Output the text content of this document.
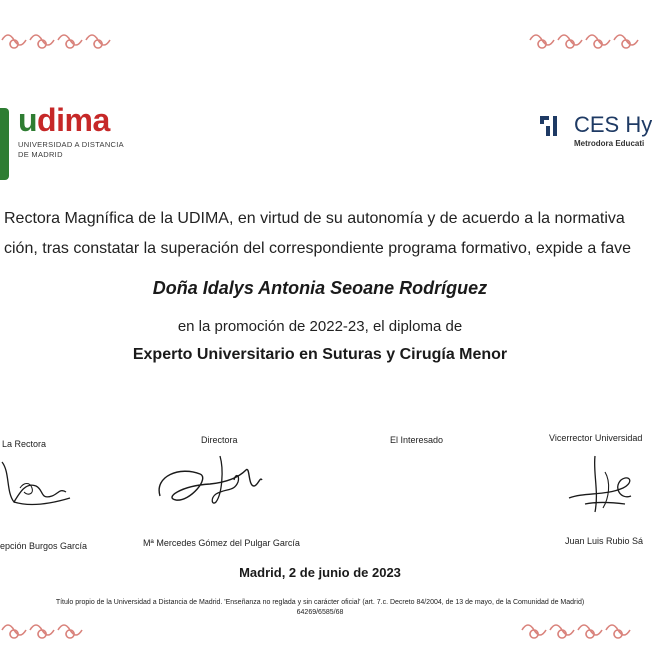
udima
UNIVERSIDAD A DISTANCIA
DE MADRID
CES Hy
Metrodora Educati
Rectora Magnífica de la UDIMA, en virtud de su autonomía y de acuerdo a la normativa
ción, tras constatar la superación del correspondiente programa formativo, expide a fave
Doña Idalys Antonia Seoane Rodríguez
en la promoción de 2022-23, el diploma de
Experto Universitario en Suturas y Cirugía Menor
La Rectora
epción Burgos García
Directora
Mª Mercedes Gómez del Pulgar García
El Interesado	Vicerrector Universidad
Juan Luis Rubio Sá
Madrid, 2 de junio de 2023
Título propio de la Universidad a Distancia de Madrid. 'Enseñanza no reglada y sin carácter oficial' (art. 7.c. Decreto 84/2004, de 13 de mayo, de la Comunidad de Madrid)
64269/6585/68
